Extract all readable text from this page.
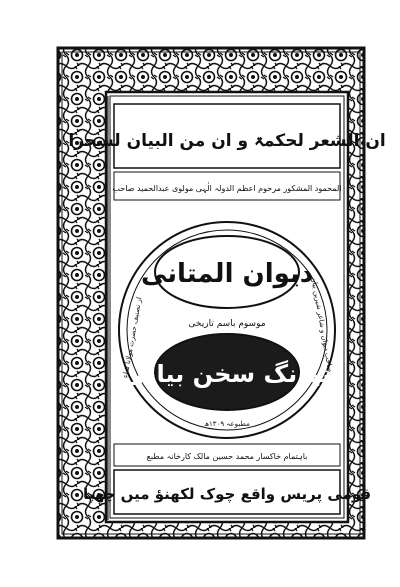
ان الشعر لحکمۃ و ان من البیان لسحرا
المحمود المشکور مرحوم اعظم الدولہ الٰہی مولوی عبدالحمید صاحب
از تصنیف حضرت مولانا شاعر	صاحب دیوان و شاعر شیرین بیان
مطبوعہ ۱۳۰۹ھ
دیوان المتانی
موسوم باسم تاریخی
نیرنگ سخن بیانی
باہتمام خاکسار محمد حسین مالک کارخانہ مطبع
قومی پریس واقع چوک لکھنؤ میں چھپا
